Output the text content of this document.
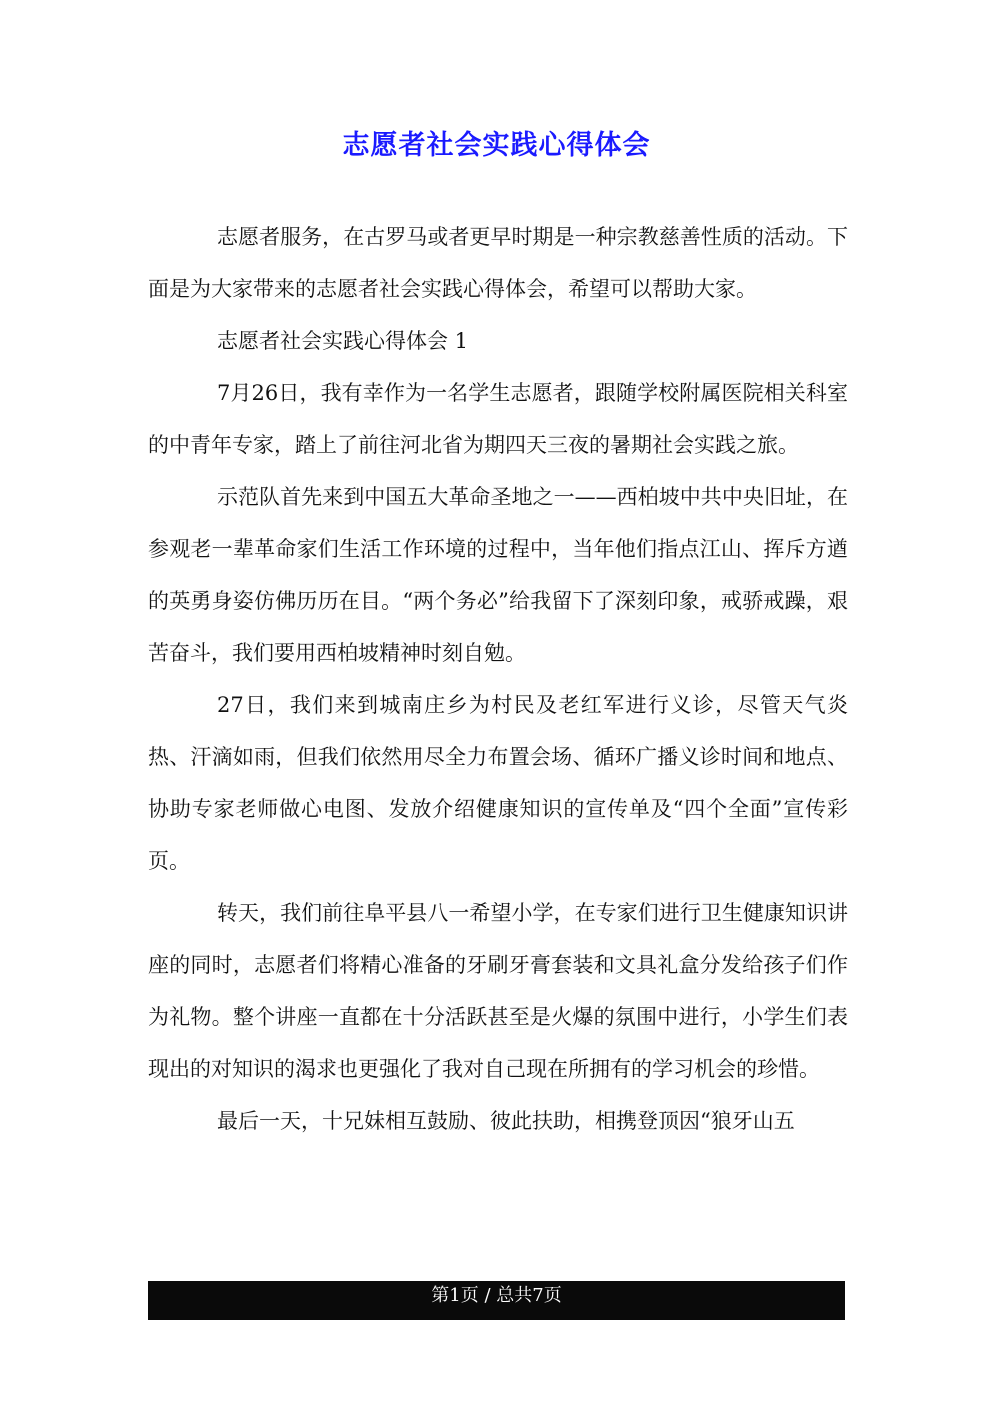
志愿者社会实践心得体会

志愿者服务，在古罗马或者更早时期是一种宗教慈善性质的活动。下面是为大家带来的志愿者社会实践心得体会，希望可以帮助大家。

志愿者社会实践心得体会 1

7月26日，我有幸作为一名学生志愿者，跟随学校附属医院相关科室的中青年专家，踏上了前往河北省为期四天三夜的暑期社会实践之旅。

示范队首先来到中国五大革命圣地之一——西柏坡中共中央旧址，在参观老一辈革命家们生活工作环境的过程中，当年他们指点江山、挥斥方遒的英勇身姿仿佛历历在目。“两个务必”给我留下了深刻印象，戒骄戒躁，艰苦奋斗，我们要用西柏坡精神时刻自勉。

27日，我们来到城南庄乡为村民及老红军进行义诊，尽管天气炎热、汗滴如雨，但我们依然用尽全力布置会场、循环广播义诊时间和地点、协助专家老师做心电图、发放介绍健康知识的宣传单及“四个全面”宣传彩页。

转天，我们前往阜平县八一希望小学，在专家们进行卫生健康知识讲座的同时，志愿者们将精心准备的牙刷牙膏套装和文具礼盒分发给孩子们作为礼物。整个讲座一直都在十分活跃甚至是火爆的氛围中进行，小学生们表现出的对知识的渴求也更强化了我对自己现在所拥有的学习机会的珍惜。

最后一天，十兄妹相互鼓励、彼此扶助，相携登顶因“狼牙山五

第1页 / 总共7页
